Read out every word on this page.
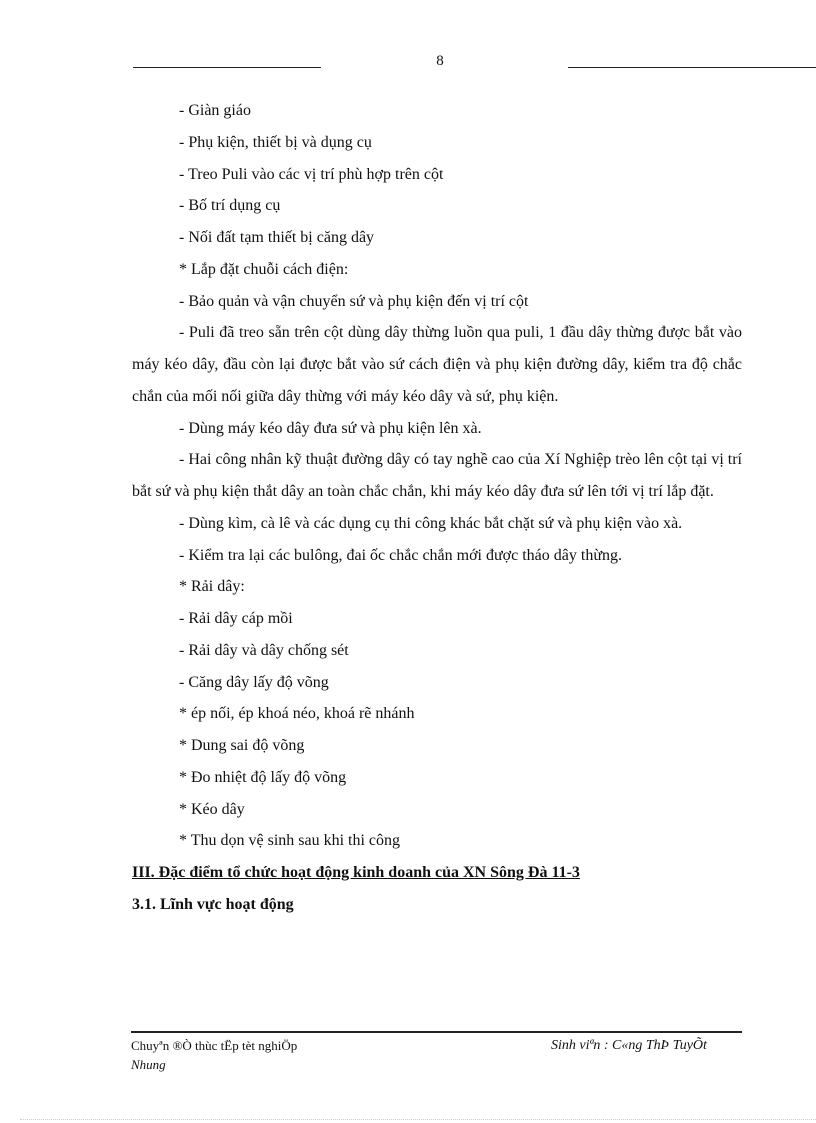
8

- Giàn giáo

- Phụ kiện, thiết bị và dụng cụ

- Treo Puli vào các vị trí phù hợp trên cột

- Bố trí dụng cụ

- Nối đất tạm thiết bị căng dây

* Lắp đặt chuỗi cách điện:

- Bảo quản và vận chuyển sứ và phụ kiện đến vị trí cột

- Puli đã treo sẵn trên cột dùng dây thừng luồn qua puli, 1 đầu dây thừng được bắt vào máy kéo dây, đầu còn lại được bắt vào sứ cách điện và phụ kiện đường dây, kiểm tra độ chắc chắn của mối nối giữa dây thừng với máy kéo dây và sứ, phụ kiện.

- Dùng máy kéo dây đưa sứ và phụ kiện lên xà.

- Hai công nhân kỹ thuật đường dây có tay nghề cao của Xí Nghiệp trèo lên cột tại vị trí bắt sứ và phụ kiện thắt dây an toàn chắc chắn, khi máy kéo dây đưa sứ lên tới vị trí lắp đặt.

- Dùng kìm, cà lê và các dụng cụ thi công khác bắt chặt sứ và phụ kiện vào xà.

- Kiểm tra lại các bulông, đai ốc chắc chắn mới được tháo dây thừng.

* Rải dây:

- Rải dây cáp mồi

- Rải dây và dây chống sét

- Căng dây lấy độ võng

* ép nối, ép khoá néo, khoá rẽ nhánh

* Dung sai độ võng

* Đo nhiệt độ lấy độ võng

* Kéo dây

* Thu dọn vệ sinh sau khi thi công

III. Đặc điểm tổ chức hoạt động kinh doanh của XN Sông Đà 11-3

3.1. Lĩnh vực hoạt động

Chuyªn ®Ò thùc tËp tèt nghiÖp
Nhung
Sinh viªn : C«ng ThÞ TuyÕt
